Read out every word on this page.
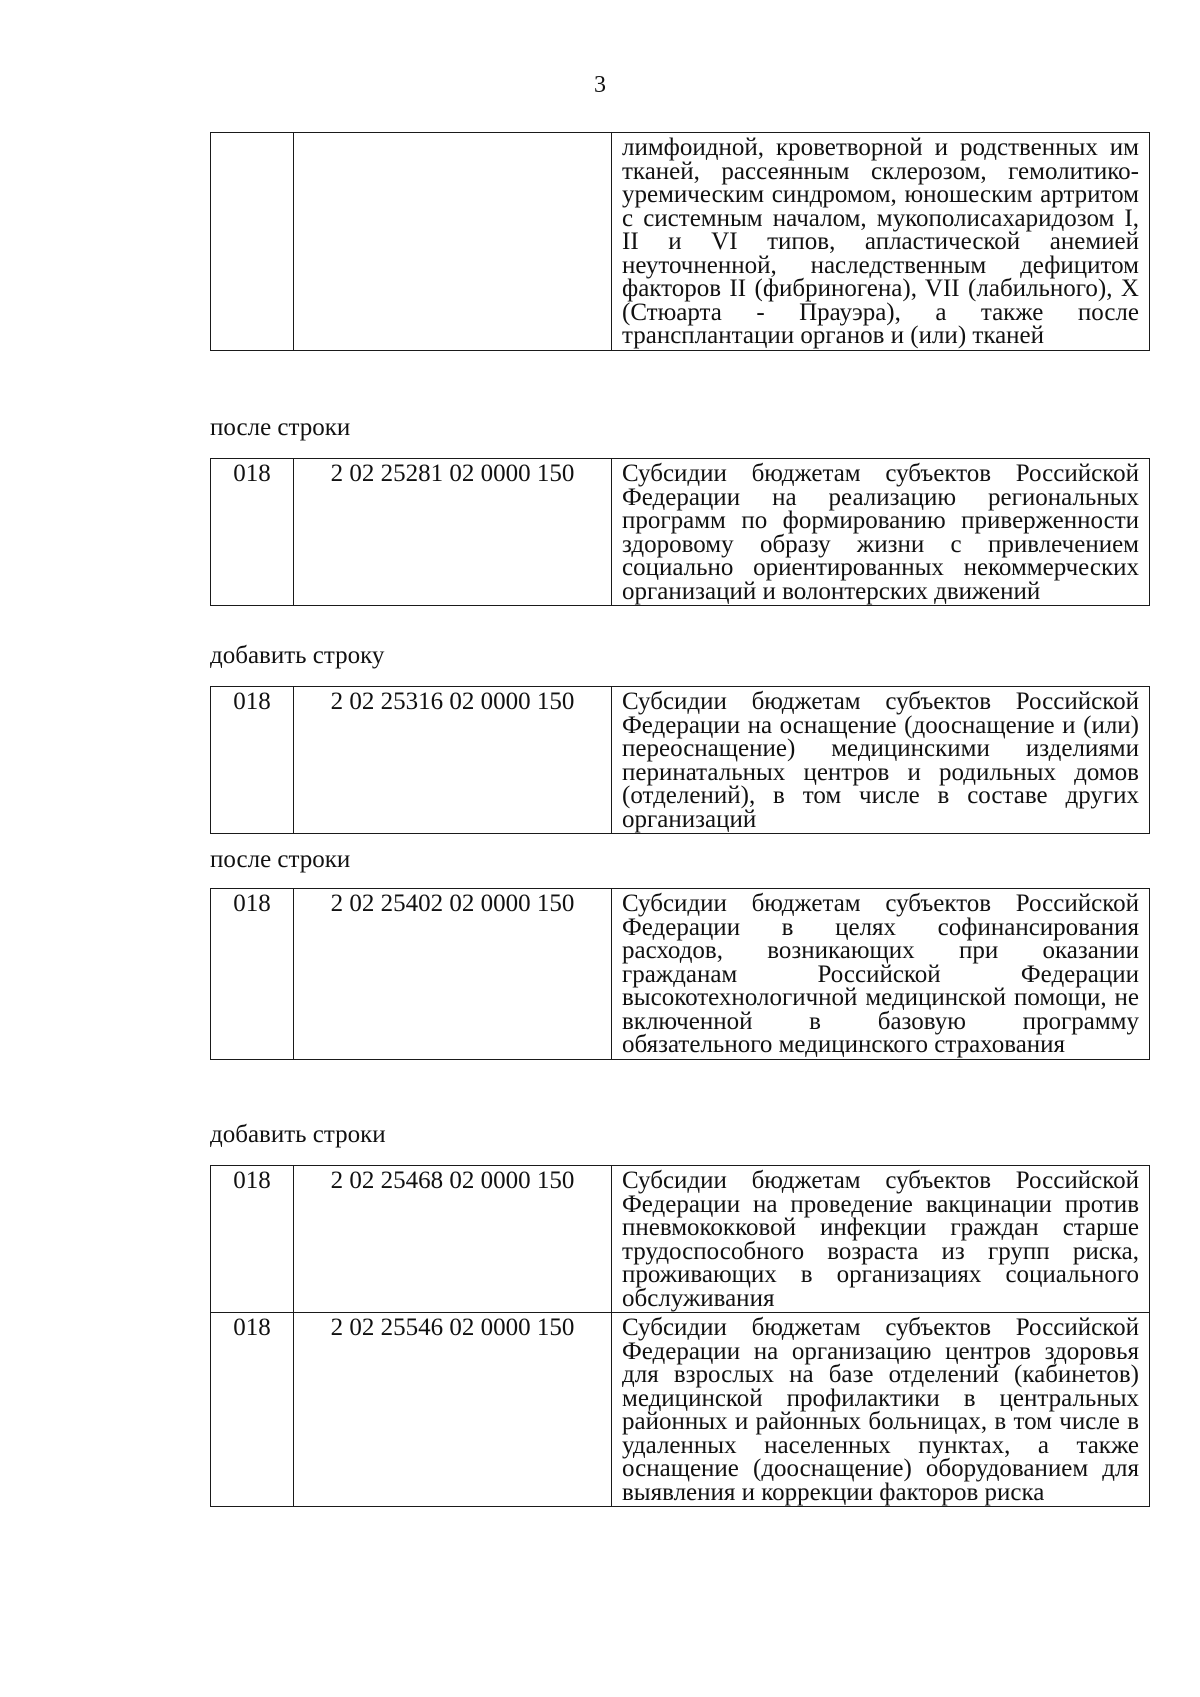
3
		лимфоидной, кроветворной и родственных им тканей, рассеянным склерозом, гемолитико-уремическим синдромом, юношеским артритом с системным началом, мукополисахаридозом I, II и VI типов, апластической анемией неуточненной, наследственным дефицитом факторов II (фибриногена), VII (лабильного), X (Стюарта - Прауэра), а также после трансплантации органов и (или) тканей
после строки
018	2 02 25281 02 0000 150	Субсидии бюджетам субъектов Российской Федерации на реализацию региональных программ по формированию приверженности здоровому образу жизни с привлечением социально ориентированных некоммерческих организаций и волонтерских движений
добавить строку
018	2 02 25316 02 0000 150	Субсидии бюджетам субъектов Российской Федерации на оснащение (дооснащение и (или) переоснащение) медицинскими изделиями перинатальных центров и родильных домов (отделений), в том числе в составе других организаций
после строки
018	2 02 25402 02 0000 150	Субсидии бюджетам субъектов Российской Федерации в целях софинансирования расходов, возникающих при оказании гражданам Российской Федерации высокотехнологичной медицинской помощи, не включенной в базовую программу обязательного медицинского страхования
добавить строки
018	2 02 25468 02 0000 150	Субсидии бюджетам субъектов Российской Федерации на проведение вакцинации против пневмококковой инфекции граждан старше трудоспособного возраста из групп риска, проживающих в организациях социального обслуживания
018	2 02 25546 02 0000 150	Субсидии бюджетам субъектов Российской Федерации на организацию центров здоровья для взрослых на базе отделений (кабинетов) медицинской профилактики в центральных районных и районных больницах, в том числе в удаленных населенных пунктах, а также оснащение (дооснащение) оборудованием для выявления и коррекции факторов риска
